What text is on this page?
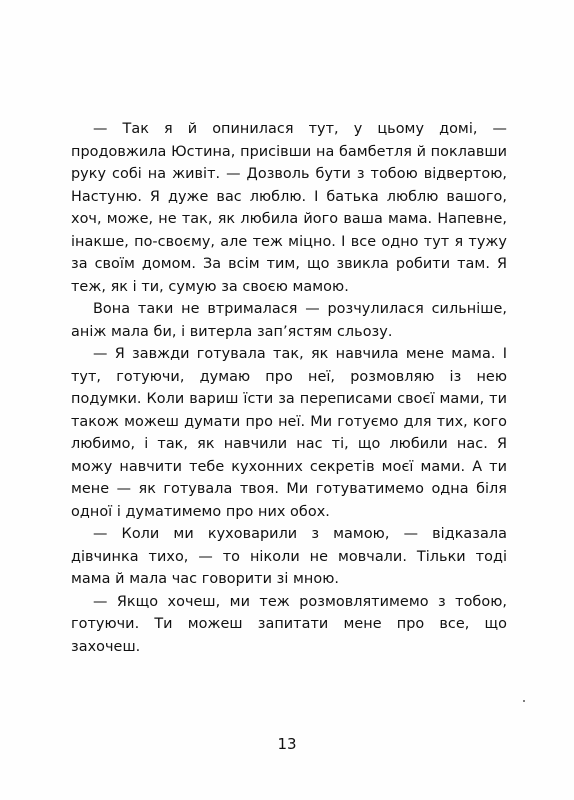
— Так я й опинилася тут, у цьому домі, — продовжила Юстина, присівши на бамбетля й поклавши руку собі на живіт. — Дозволь бути з тобою відвертою, Настуню. Я дуже вас люблю. І батька люблю вашого, хоч, може, не так, як любила його ваша мама. Напевне, інакше, по-своєму, але теж міцно. І все одно тут я тужу за своїм домом. За всім тим, що звикла робити там. Я теж, як і ти, сумую за своєю мамою.

Вона таки не втрималася — розчулилася сильніше, аніж мала би, і витерла зап’ястям сльозу.

— Я завжди готувала так, як навчила мене мама. І тут, готуючи, думаю про неї, розмовляю із нею подумки. Коли вариш їсти за переписами своєї мами, ти також можеш думати про неї. Ми готуємо для тих, кого любимо, і так, як навчили нас ті, що любили нас. Я можу навчити тебе кухонних секретів моєї мами. А ти мене — як готувала твоя. Ми готуватимемо одна біля одної і думатимемо про них обох.

— Коли ми куховарили з мамою, — відказала дівчинка тихо, — то ніколи не мовчали. Тільки тоді мама й мала час говорити зі мною.

— Якщо хочеш, ми теж розмовлятимемо з тобою, готуючи. Ти можеш запитати мене про все, що захочеш.

13
